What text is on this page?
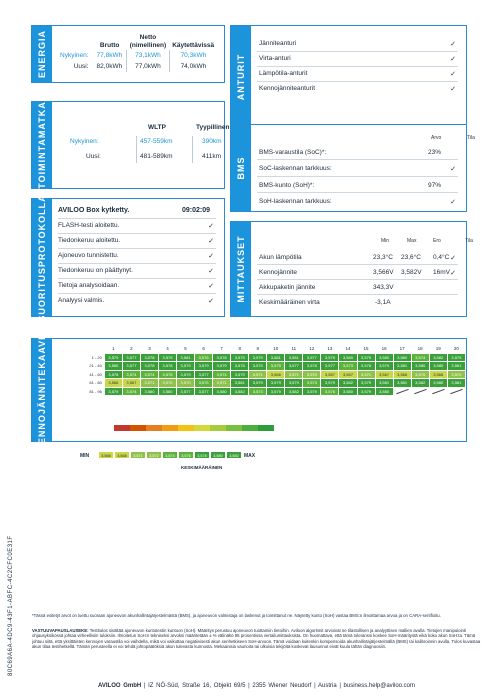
ENERGIA
			Netto	
	Brutto	(nimellinen)	Käytettävissä
Nykyinen:	77,8kWh	73,1kWh	70,3kWh
Uusi:	82,0kWh	77,0kWh	74,0kWh	ANTURIT
Jänniteanturi	✓
Virta-anturi	✓
Lämpötila-anturit	✓
Kennojänniteanturit	✓
TOIMINTAMATKA	WLTP	Tyypillinen
Nykyinen:	457-559km	390km
Uusi:	481-589km	411km BMS
Arvo	Tila
BMS-varaustila (SoC)*:	23%
SoC-laskennan tarkkuus:	✓
BMS-kunto (SoH)*:	97%
SoH-laskennan tarkkuus:	✓
SUORITUSPROTOKOLLA AVILOO Box kytketty.	09:02:09
FLASH-testi aloitettu.	✓
Tiedonkeruu aloitettu.	✓
Ajoneuvo tunnistettu.	✓
Tiedonkeruu on päättynyt.	✓
Tietoja analysoidaan.	✓
Analyysi valmis.	✓ MITTAUKSET	Min	Max	Ero	Tila
Akun lämpötila	23,3°C 23,6°C 0,4°C ✓
Kennojännite	3,566V 3,582V 16mV ✓
Akkupaketin jännite	343,3V
Keskimääräinen virta	-3,1A
KENNOJÄNNITEKAAVIO
		1	2	3	4	5	6	7	8	9	10	11	12	13	14	15	16	17	18	19	20
1 - 20	3,579	3,577	3,578	3,579	3,581	3,576	3,578	3,579	3,579	3,581	3,581	3,577	3,579	3,580	3,579	3,580	3,580	3,574	3,582	3,579
21 - 40	3,580	3,577	3,578	3,578	3,579	3,579	3,579	3,578	3,579	3,575	3,577	3,578	3,577	3,573	3,578	3,579	3,581	3,580	3,580	3,581
41 - 60	3,578	3,574	3,574	3,575	3,579	3,577	3,574	3,579	3,571	3,566	3,571	3,570	3,567	3,567	3,571	3,567	3,566	3,570	3,566	3,570
61 - 80	3,566	3,567	3,571	3,570	3,570	3,575	3,571	3,581	3,579	3,579	3,579	3,573	3,579	3,582	3,579	3,581	3,581	3,582	3,580	3,581
81 - 96	3,579	3,574	3,580	3,580	3,577	3,577	3,580	3,582	3,573	3,579	3,582	3,579	3,576	3,580	3,579	3,580				
MIN	3,566	3,568	3,571	3,572	3,574	3,576	3,578	3,580	3,582	MAX
KESKIMÄÄRÄINEN
80C69A6A-4DC9-43F1-ABFC-4C2CFC0E31F	*Tässä esitetyt arvot on luettu suoraan ajoneuvon akunhallintajärjestelmästä (BMS), ja ajoneuvon valmistaja on laskenut ja toimittanut ne. Näytetty kunto (SoH) vastaa BMS:n ilmoittamaa arvoa ja on CARA-sertifioitu.
VASTUUVAPAUSLAUSEKE: Testitulos sisältää ajoneuvon kuntotestin kuntoon (SoH). Määritys perustuu ajoneuvon tuottamiin tietoihin. Aviloon algoritmit arvioivat ne tilastollisen ja analyyttisen mallien avulla. Tietojen manipulointi ohjausyksikössä johtaa virheellisiin tuloksiin. Ilmoitetun SoH:n tekniseksi arvoksi määritetään ± % välinäkö 95 prosentissa vertailumittauksista. On huomattava, että tämä toleranssi koskee SoH-määritystä eikä koko akun SoH:ta. Tämä johtuu siitä, että yksittäisten kennojen varaustila voi vaihdella, mikä voi vaikuttaa negatiivisesti akun senhetkiseen SoH-arvoon. Tämä voidaan kuitenkin kompensoida akunhallintajärjestelmällä (BMS) tai kalibroinnin avulla. Tulos kuvastaa akun tilaa testihetkellä. Tämän perusteella ei voi tehdä johtopäätöksiä akun tulevasta kunnosta. Mekaanisia vaurioita tai ulkoisia tekijöitä koskevat lausunnot eivät kuulu tähän diagnoosiin.
AVILOO GmbH | IZ NÖ-Süd, Straße 16, Objekt 69/5 | 2355 Wiener Neudorf | Austria | business.help@aviloo.com
